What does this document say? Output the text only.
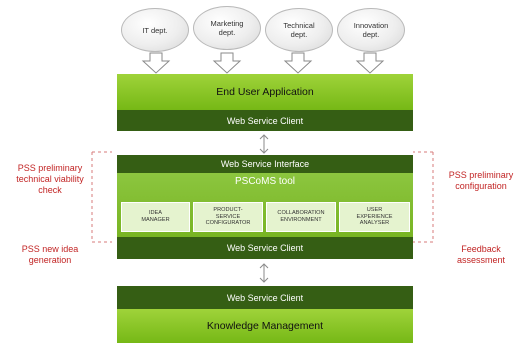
IT dept.
Marketing
dept.
Technical
dept.
Innovation
dept.
End User Application
Web Service Client
Web Service Interface
PSCoMS tool
IDEA
MANAGER
PRODUCT-
SERVICE
CONFIGURATOR
COLLABORATION
ENVIRONMENT
USER
EXPERIENCE
ANALYSER
Web Service Client
Web Service Client
Knowledge Management
PSS preliminary
technical viability
check
PSS new idea
generation
PSS preliminary
configuration
Feedback
assessment
